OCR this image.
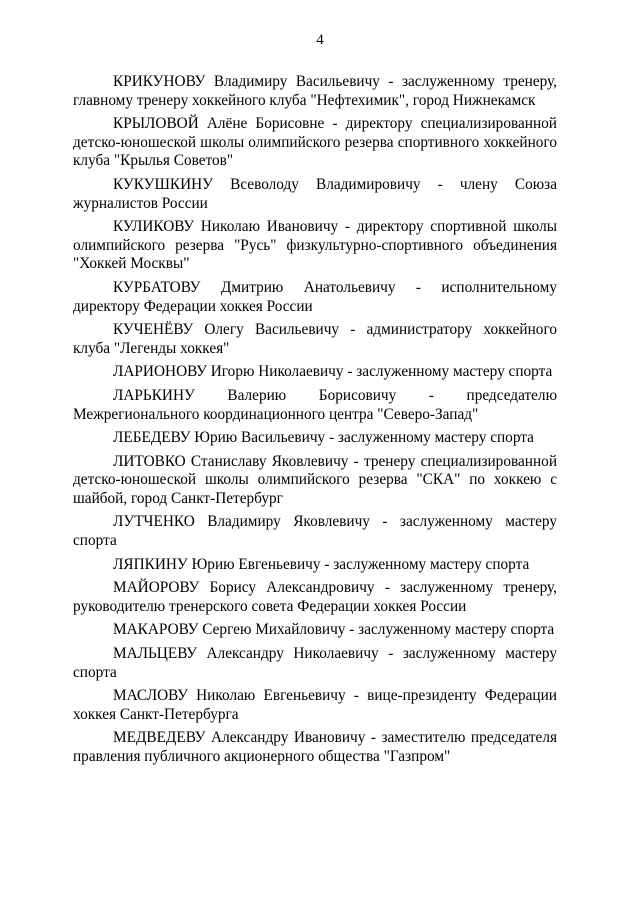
4

КРИКУНОВУ Владимиру Васильевичу - заслуженному тренеру, главному тренеру хоккейного клуба "Нефтехимик", город Нижнекамск

КРЫЛОВОЙ Алёне Борисовне - директору специализированной детско-юношеской школы олимпийского резерва спортивного хоккейного клуба "Крылья Советов"

КУКУШКИНУ Всеволоду Владимировичу - члену Союза журналистов России

КУЛИКОВУ Николаю Ивановичу - директору спортивной школы олимпийского резерва "Русь" физкультурно-спортивного объединения "Хоккей Москвы"

КУРБАТОВУ Дмитрию Анатольевичу - исполнительному директору Федерации хоккея России

КУЧЕНЁВУ Олегу Васильевичу - администратору хоккейного клуба "Легенды хоккея"

ЛАРИОНОВУ Игорю Николаевичу - заслуженному мастеру спорта

ЛАРЬКИНУ Валерию Борисовичу - председателю Межрегионального координационного центра "Северо-Запад"

ЛЕБЕДЕВУ Юрию Васильевичу - заслуженному мастеру спорта

ЛИТОВКО Станиславу Яковлевичу - тренеру специализированной детско-юношеской школы олимпийского резерва "СКА" по хоккею с шайбой, город Санкт-Петербург

ЛУТЧЕНКО Владимиру Яковлевичу - заслуженному мастеру спорта

ЛЯПКИНУ Юрию Евгеньевичу - заслуженному мастеру спорта

МАЙОРОВУ Борису Александровичу - заслуженному тренеру, руководителю тренерского совета Федерации хоккея России

МАКАРОВУ Сергею Михайловичу - заслуженному мастеру спорта

МАЛЬЦЕВУ Александру Николаевичу - заслуженному мастеру спорта

МАСЛОВУ Николаю Евгеньевичу - вице-президенту Федерации хоккея Санкт-Петербурга

МЕДВЕДЕВУ Александру Ивановичу - заместителю председателя правления публичного акционерного общества "Газпром"
